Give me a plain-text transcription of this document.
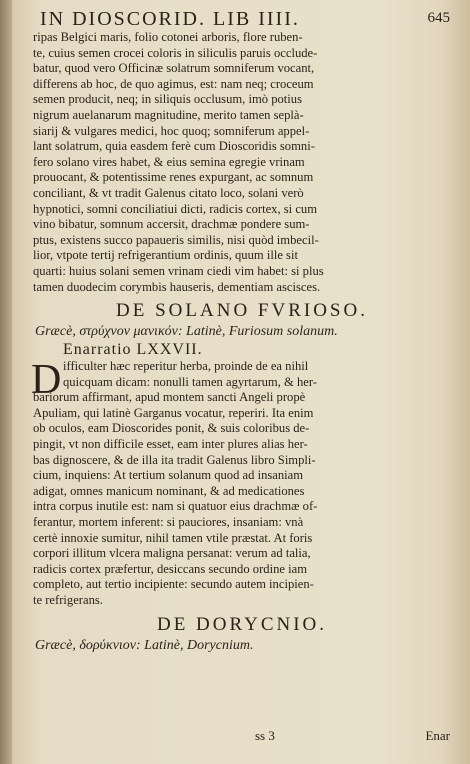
IN DIOSCORID. LIB IIII.	645
ripas Belgici maris, folio cotonei arboris, flore ruben-
te, cuius semen crocei coloris in siliculis paruis occlude-
batur, quod vero Officinæ solatrum somniferum vocant,
differens ab hoc, de quo agimus, est: nam neq; croceum
semen producit, neq; in siliquis occlusum, imò potius
nigrum auelanarum magnitudine, merito tamen seplà-
siarij & vulgares medici, hoc quoq; somniferum appel-
lant solatrum, quia easdem ferè cum Dioscoridis somni-
fero solano vires habet, & eius semina egregie vrinam
prouocant, & potentissime renes expurgant, ac somnum
conciliant, & vt tradit Galenus citato loco, solani verò
hypnotici, somni conciliatiui dicti, radicis cortex, si cum
vino bibatur, somnum accersit, drachmæ pondere sum-
ptus, existens succo papaueris similis, nisi quòd imbecil-
lior, vtpote tertij refrigerantium ordinis, quum ille sit
quarti: huius solani semen vrinam ciedi vim habet: si plus
tamen duodecim corymbis hauseris, dementiam ascisces.
DE SOLANO FVRIOSO.
Græcè, στρύχνον μανικόν: Latinè, Furiosum solanum.
Enarratio LXXVII.
D ifficulter hæc reperitur herba, proinde de ea nihil
quicquam dicam: nonulli tamen agyrtarum, & her-
bariorum affirmant, apud montem sancti Angeli propè
Apuliam, qui latinè Garganus vocatur, reperiri. Ita enim
ob oculos, eam Dioscorides ponit, & suis coloribus de-
pingit, vt non difficile esset, eam inter plures alias her-
bas dignoscere, & de illa ita tradit Galenus libro Simpli-
cium, inquiens: At tertium solanum quod ad insaniam
adigat, omnes manicum nominant, & ad medicationes
intra corpus inutile est: nam si quatuor eius drachmæ of-
ferantur, mortem inferent: si pauciores, insaniam: vnà
certè innoxie sumitur, nihil tamen vtile præstat. At foris
corpori illitum vlcera maligna persanat: verum ad talia,
radicis cortex præfertur, desiccans secundo ordine iam
completo, aut tertio incipiente: secundo autem incipien-
te refrigerans.
DE DORYCNIO.
Græcè, δορύκνιον: Latinè, Dorycnium.
ss 3	Enar
